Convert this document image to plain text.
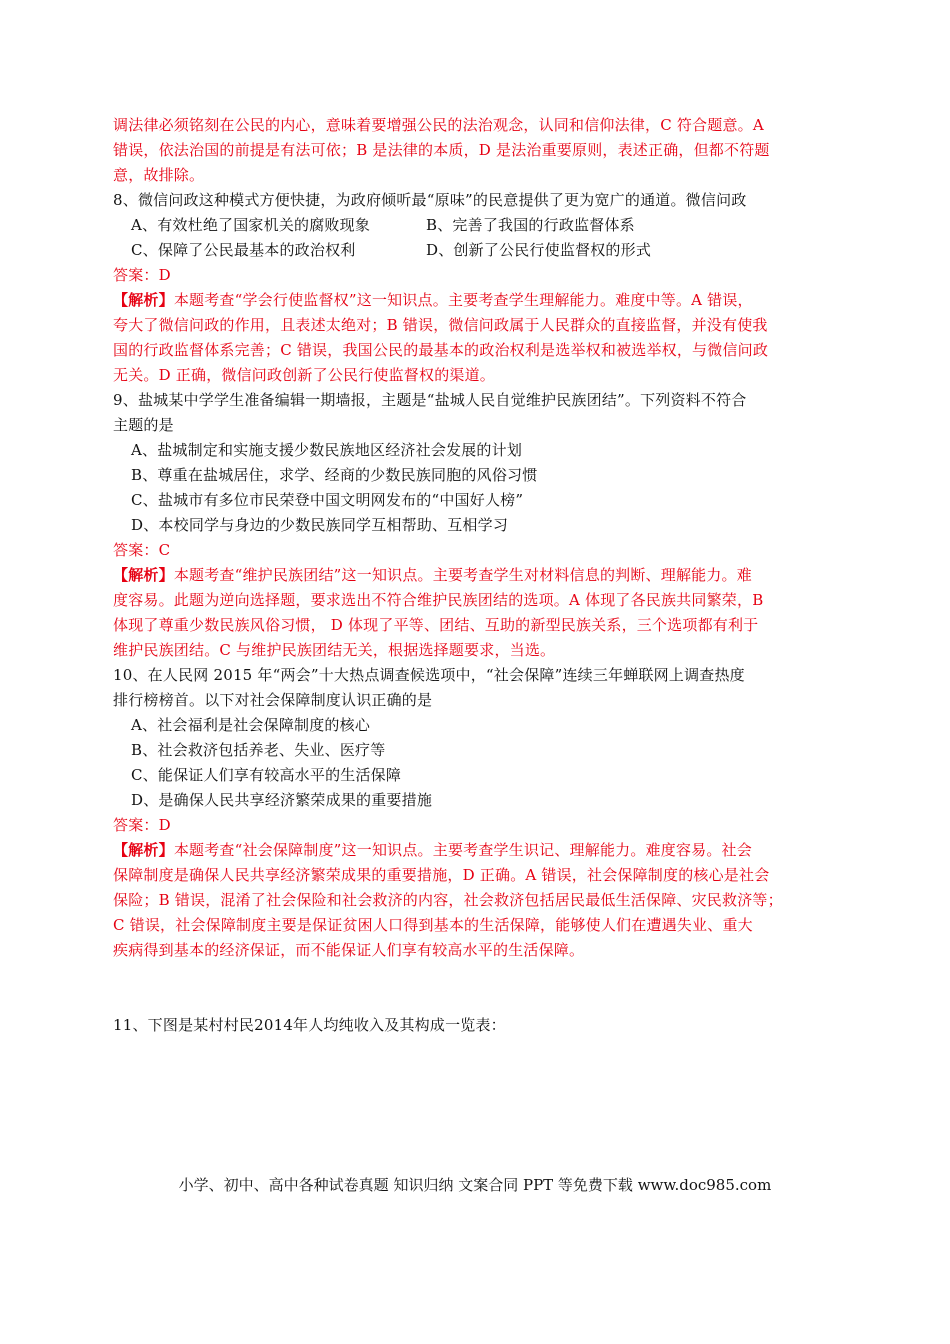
调法律必须铭刻在公民的内心，意味着要增强公民的法治观念，认同和信仰法律，C 符合题意。A
错误，依法治国的前提是有法可依；B 是法律的本质，D 是法治重要原则，表述正确，但都不符题
意，故排除。
8、微信问政这种模式方便快捷，为政府倾听最“原味”的民意提供了更为宽广的通道。微信问政
A、有效杜绝了国家机关的腐败现象	B、完善了我国的行政监督体系
C、保障了公民最基本的政治权利	D、创新了公民行使监督权的形式
答案：D
【解析】本题考查“学会行使监督权”这一知识点。主要考查学生理解能力。难度中等。A 错误，
夸大了微信问政的作用，且表述太绝对；B 错误，微信问政属于人民群众的直接监督，并没有使我
国的行政监督体系完善；C 错误，我国公民的最基本的政治权利是选举权和被选举权，与微信问政
无关。D 正确，微信问政创新了公民行使监督权的渠道。
9、盐城某中学学生准备编辑一期墙报，主题是“盐城人民自觉维护民族团结”。下列资料不符合
主题的是
A、盐城制定和实施支援少数民族地区经济社会发展的计划
B、尊重在盐城居住，求学、经商的少数民族同胞的风俗习惯
C、盐城市有多位市民荣登中国文明网发布的“中国好人榜”
D、本校同学与身边的少数民族同学互相帮助、互相学习
答案：C
【解析】本题考查“维护民族团结”这一知识点。主要考查学生对材料信息的判断、理解能力。难
度容易。此题为逆向选择题，要求选出不符合维护民族团结的选项。A 体现了各民族共同繁荣，B
体现了尊重少数民族风俗习惯， D 体现了平等、团结、互助的新型民族关系，三个选项都有利于
维护民族团结。C 与维护民族团结无关，根据选择题要求，当选。
10、在人民网 2015 年“两会”十大热点调查候选项中，“社会保障”连续三年蝉联网上调查热度
排行榜榜首。以下对社会保障制度认识正确的是
A、社会福利是社会保障制度的核心
B、社会救济包括养老、失业、医疗等
C、能保证人们享有较高水平的生活保障
D、是确保人民共享经济繁荣成果的重要措施
答案：D
【解析】本题考查“社会保障制度”这一知识点。主要考查学生识记、理解能力。难度容易。社会
保障制度是确保人民共享经济繁荣成果的重要措施，D 正确。A 错误，社会保障制度的核心是社会
保险；B 错误，混淆了社会保险和社会救济的内容，社会救济包括居民最低生活保障、灾民救济等；
C 错误，社会保障制度主要是保证贫困人口得到基本的生活保障，能够使人们在遭遇失业、重大
疾病得到基本的经济保证，而不能保证人们享有较高水平的生活保障。
11、下图是某村村民2014年人均纯收入及其构成一览表：
小学、初中、高中各种试卷真题 知识归纳 文案合同 PPT 等免费下载 www.doc985.com
